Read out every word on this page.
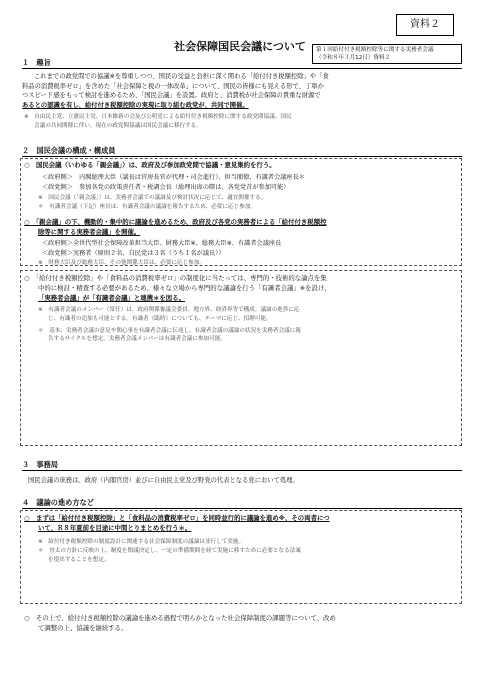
資料２
社会保障国民会議について	第１回給付付き税額控除等に関する実務者会議
（令和８年３月12日）資料２
１　趣旨
これまでの政党間での協議※を尊重しつつ、国民の受益と負担に深く関わる「給付付き税額控除」や「食
料品の消費税率ゼロ」を含めた「社会保障と税の一体改革」について、国民の皆様にも見える形で、丁寧か
つスピード感をもって検討を進めるため、「国民会議」を設置。政府と、消費税が社会保障の貴重な財源で
あるとの認識を有し、給付付き税額控除の実現に取り組む政党が、共同で開催。
※　自由民主党、立憲民主党、日本維新の会及び公明党による給付付き税額控除に関する政党間協議。国民
会議の共同開催に伴い、現在の政党間協議は国民会議に移行する。
２　国民会議の構成・構成員
○　国民会議（いわゆる「親会議」）は、政府及び参加政党間で協議・意見集約を行う。
＜政府側＞　内閣総理大臣（議長は官房長官が代理・司会進行）、担当閣僚、有識者会議座長＊
＜政党側＞　参加各党の政策責任者・税調会長（総理出席の際は、各党党首が参加可能）
※　国民会議（「親会議」）は、実務者会議での議論及び検討状況に応じて、適宜開催する。
＊　有識者会議（下記）座長は、有識者会議の議論を報告するため、必要に応じ参加。
○　「親会議」の下、機動的・集中的に議論を進めるため、政府及び各党の実務者による「給付付き税額控
除等に関する実務者会議」を開催。
＜政府側＞全世代型社会保障改革担当大臣、財務大臣※、総務大臣※、有識者会議座長
＜政党側＞実務者（原則２名、自民党は３名（うち１名が議長））
※　財務大臣及び総務大臣、その他関係大臣は、必要に応じ参加。
○　「給付付き税額控除」や「食料品の消費税率ゼロ」の制度化に当たっては、専門的・技術的な論点を集
中的に検討・精査する必要があるため、様々な立場から専門的な議論を行う「有識者会議」※を設け、
「実務者会議」が「有識者会議」と連携＊を図る。
※　有識者会議のメンバー（常任）は、政府関係審議会委員、地方界、経済界等で構成。議論の進捗に応
じ、有識者の追加も可能とする。有識者（臨時）についても、テーマに応じ、招聘可能。
＊　基本、実務者会議の意見や関心事を有識者会議に伝達し、有識者会議の議論の状況を実務者会議に報
告するサイクルを想定。実務者会議メンバーは有識者会議に参加可能。
３　事務局
国民会議の庶務は、政府（内閣官房）並びに自由民主党及び野党の代表となる党において処理。
４　議論の進め方など
○　まずは「給付付き税額控除」と「食料品の消費税率ゼロ」を同時並行的に議論を進め※、その両者につ
いて、Ｒ８年夏前を目途に中間とりまとめを行う＊。
※　給付付き税額控除の制度設計に関連する社会保障制度の議論は並行して実施。
＊　骨太の方針に反映の上、制度を関議決定し、一定の準備期間を経て実施に移すために必要となる法案
を提出することを想定。
○　その上で、給付付き税額控除の議論を進める過程で明らかとなった社会保障制度の課題等について、改め
て調整の上、協議を継続する。
